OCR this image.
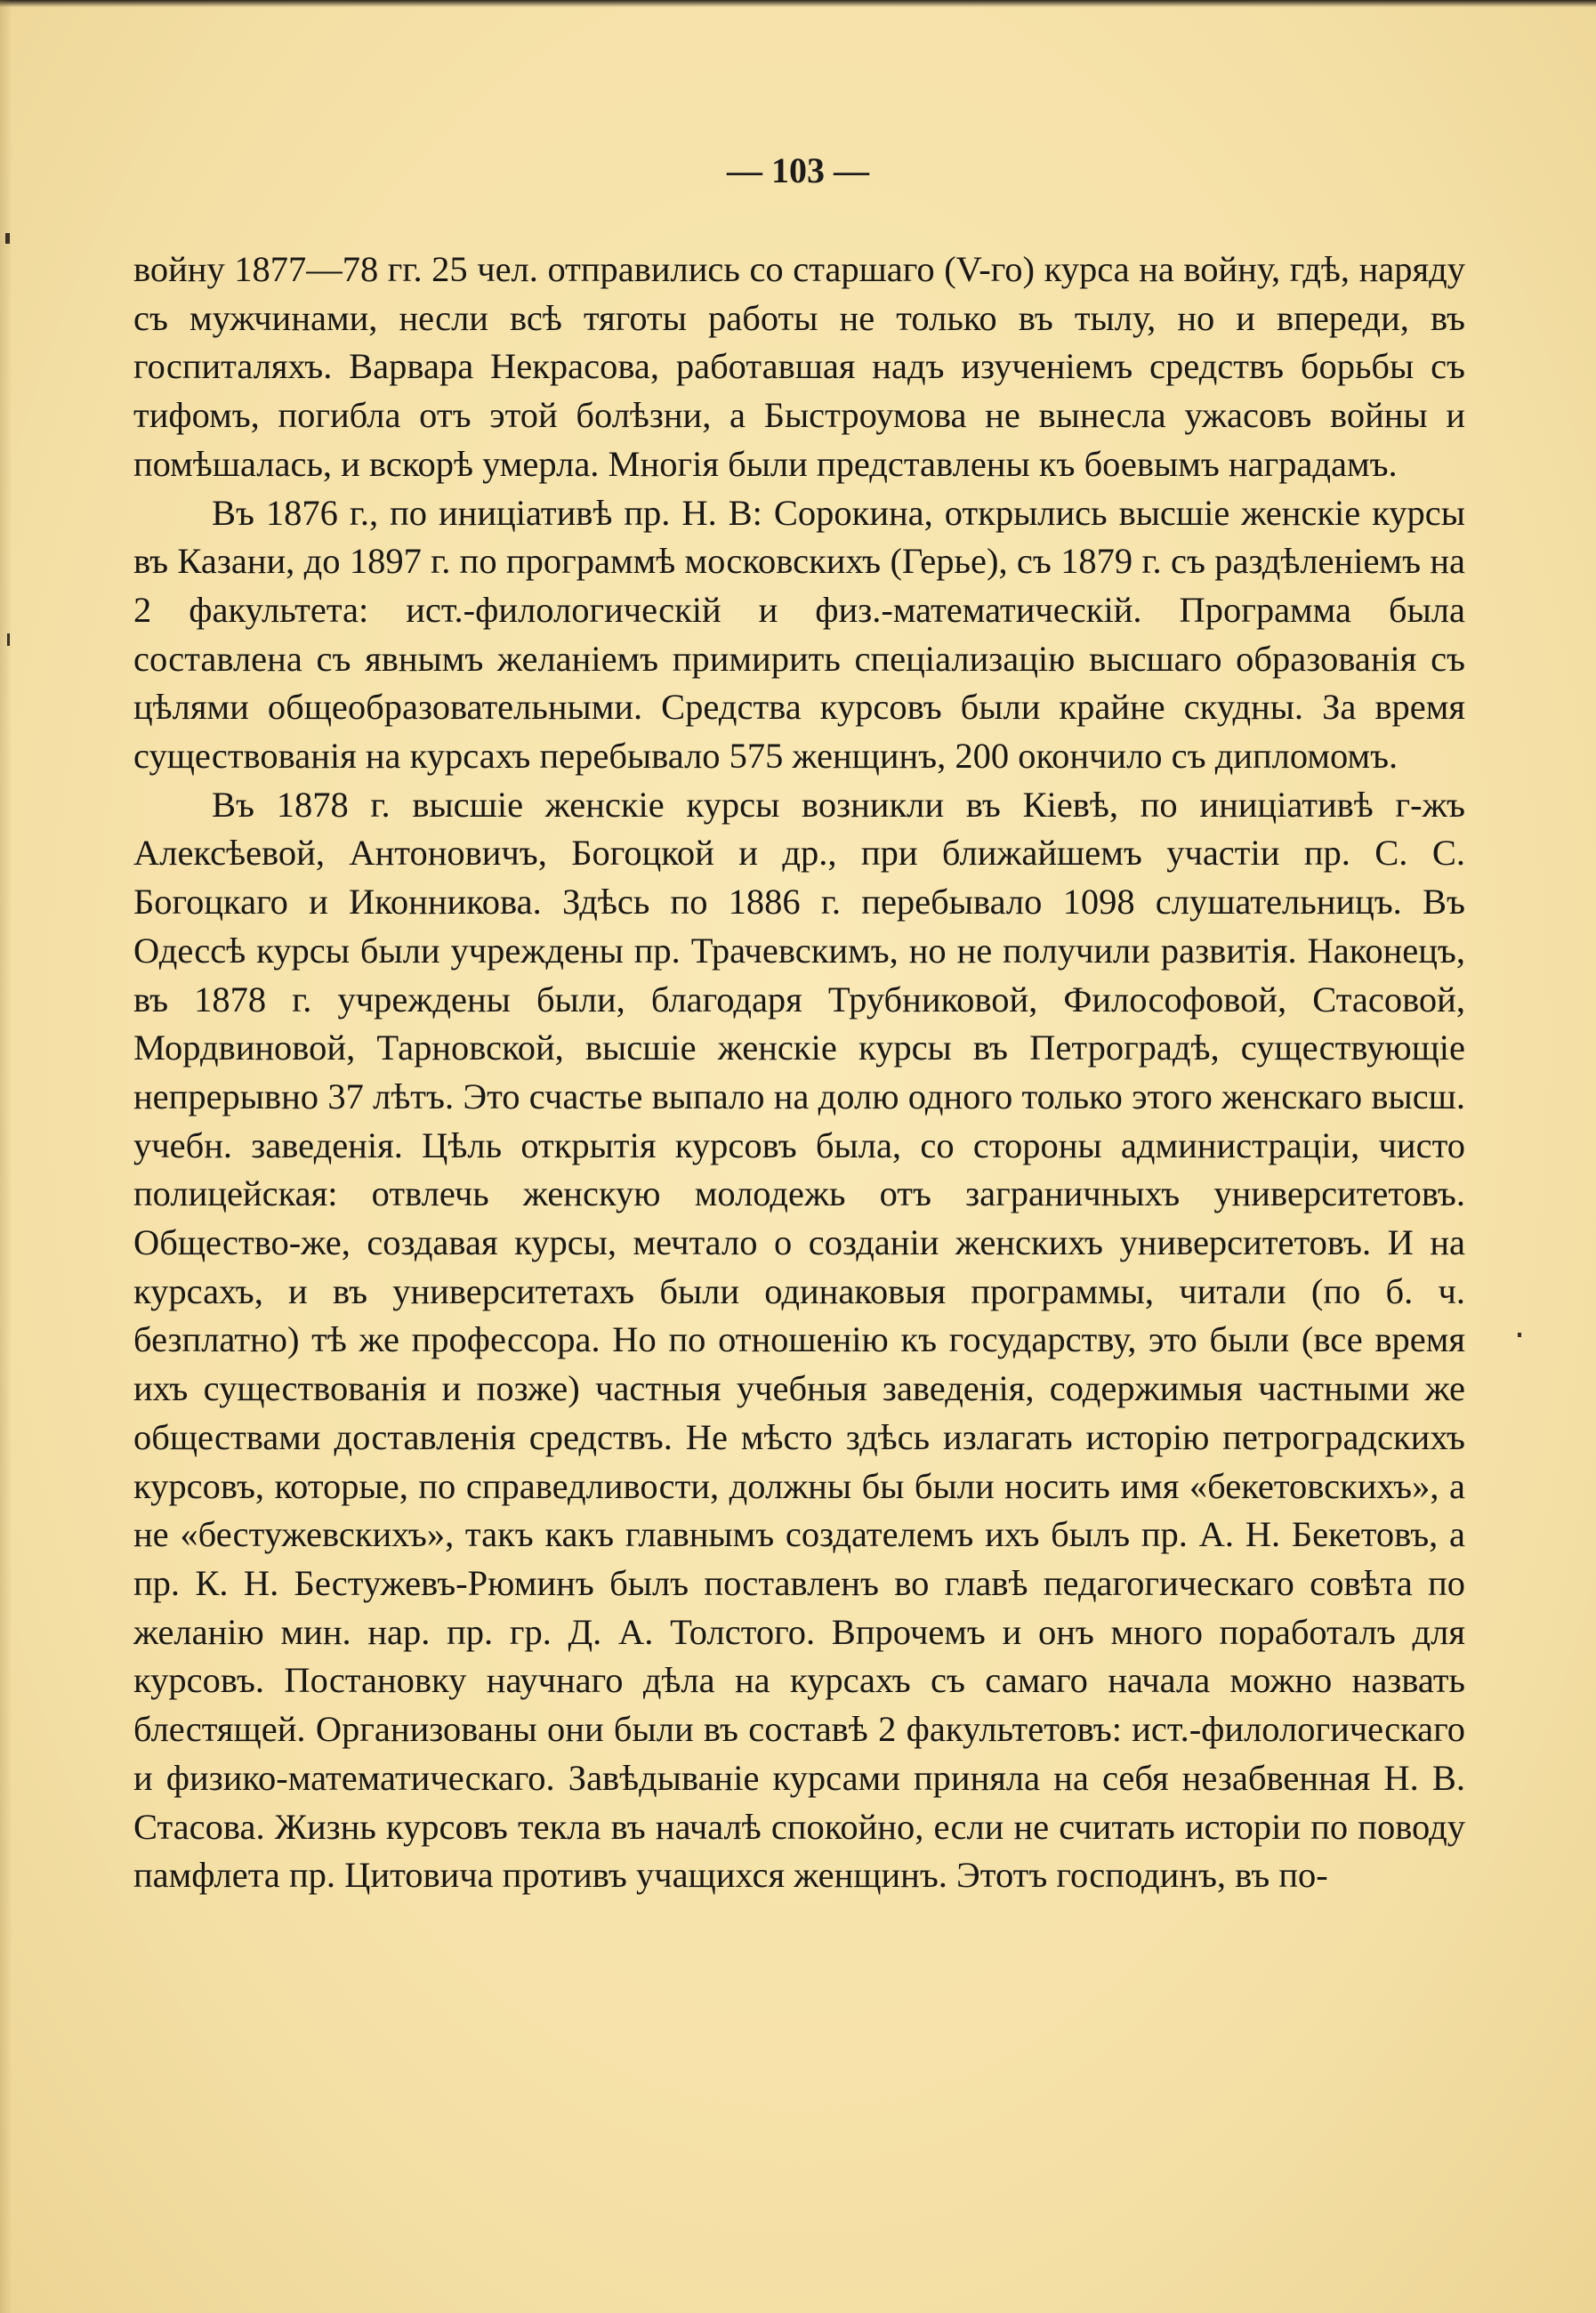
— 103 —

войну 1877—78 гг. 25 чел. отправились со старшаго (V-го) курса на войну, гдѣ, наряду съ мужчинами, несли всѣ тяготы работы не только въ тылу, но и впереди, въ госпиталяхъ. Варвара Некрасова, работавшая надъ изученіемъ средствъ борьбы съ тифомъ, погибла отъ этой болѣзни, а Быстроумова не вынесла ужасовъ войны и помѣшалась, и вскорѣ умерла. Многія были представлены къ боевымъ наградамъ.

Въ 1876 г., по иниціативѣ пр. Н. В: Сорокина, открылись высшіе женскіе курсы въ Казани, до 1897 г. по программѣ московскихъ (Герье), съ 1879 г. съ раздѣленіемъ на 2 факультета: ист.-филологическій и физ.-математическій. Программа была составлена съ явнымъ желаніемъ примирить спеціализацію высшаго образованія съ цѣлями общеобразовательными. Средства курсовъ были крайне скудны. За время существованія на курсахъ перебывало 575 женщинъ, 200 окончило съ дипломомъ.

Въ 1878 г. высшіе женскіе курсы возникли въ Кіевѣ, по иниціативѣ г-жъ Алексѣевой, Антоновичъ, Богоцкой и др., при ближайшемъ участіи пр. С. С. Богоцкаго и Иконникова. Здѣсь по 1886 г. перебывало 1098 слушательницъ. Въ Одессѣ курсы были учреждены пр. Трачевскимъ, но не получили развитія. Наконецъ, въ 1878 г. учреждены были, благодаря Трубниковой, Философовой, Стасовой, Мордвиновой, Тарновской, высшіе женскіе курсы въ Петроградѣ, существующіе непрерывно 37 лѣтъ. Это счастье выпало на долю одного только этого женскаго высш. учебн. заведенія. Цѣль открытія курсовъ была, со стороны администраціи, чисто полицейская: отвлечь женскую молодежь отъ заграничныхъ университетовъ. Общество-же, создавая курсы, мечтало о созданіи женскихъ университетовъ. И на курсахъ, и въ университетахъ были одинаковыя программы, читали (по б. ч. безплатно) тѣ же профессора. Но по отношенію къ государству, это были (все время ихъ существованія и позже) частныя учебныя заведенія, содержимыя частными же обществами доставленія средствъ. Не мѣсто здѣсь излагать исторію петроградскихъ курсовъ, которые, по справедливости, должны бы были носить имя «бекетовскихъ», а не «бестужевскихъ», такъ какъ главнымъ создателемъ ихъ былъ пр. А. Н. Бекетовъ, а пр. К. Н. Бестужевъ-Рюминъ былъ поставленъ во главѣ педагогическаго совѣта по желанію мин. нар. пр. гр. Д. А. Толстого. Впрочемъ и онъ много поработалъ для курсовъ. Постановку научнаго дѣла на курсахъ съ самаго начала можно назвать блестящей. Организованы они были въ составѣ 2 факультетовъ: ист.-филологическаго и физико-математическаго. Завѣдываніе курсами приняла на себя незабвенная Н. В. Стасова. Жизнь курсовъ текла въ началѣ спокойно, если не считать исторіи по поводу памфлета пр. Цитовича противъ учащихся женщинъ. Этотъ господинъ, въ по-
